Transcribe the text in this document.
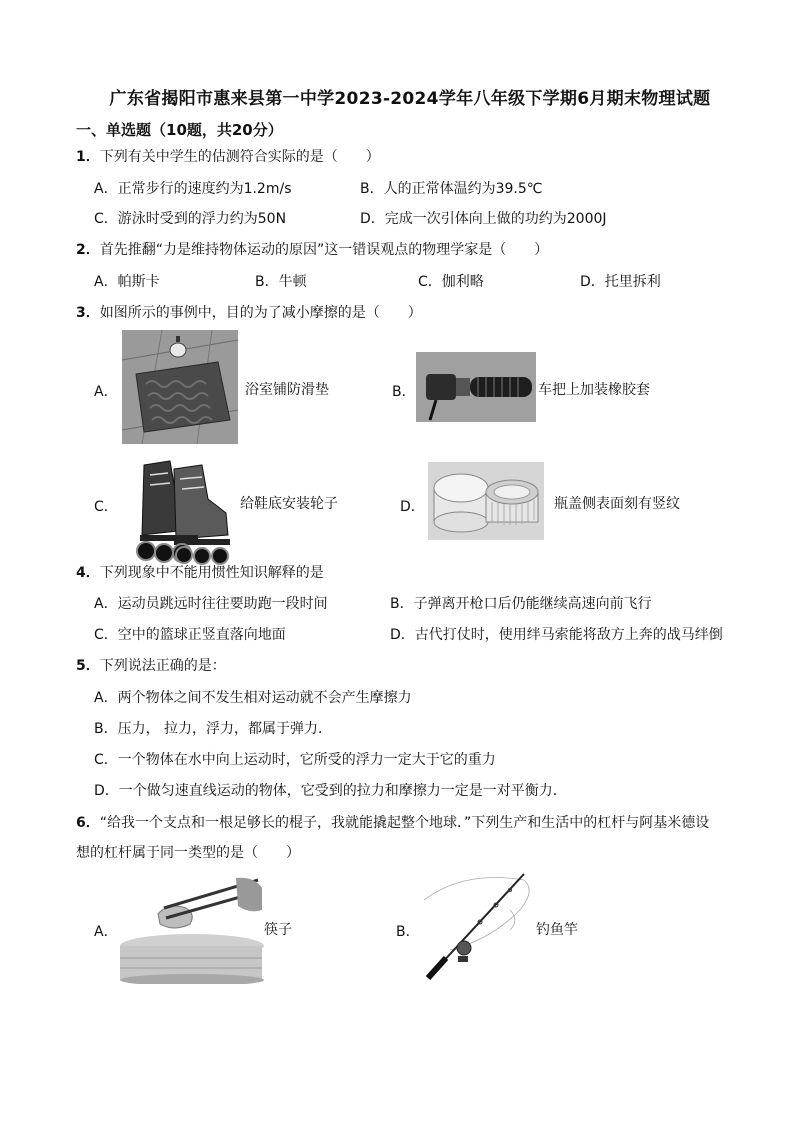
广东省揭阳市惠来县第一中学2023-2024学年八年级下学期6月期末物理试题
一、单选题（10题，共20分）
1．下列有关中学生的估测符合实际的是（　　）
A．正常步行的速度约为1.2m/s	B．人的正常体温约为39.5℃
C．游泳时受到的浮力约为50N	D．完成一次引体向上做的功约为2000J
2．首先推翻“力是维持物体运动的原因”这一错误观点的物理学家是（　　）
A．帕斯卡	B．牛顿	C．伽利略	D．托里拆利
3．如图所示的事例中，目的为了减小摩擦的是（　　）
A．	浴室铺防滑垫	B．	车把上加装橡胶套
C．	给鞋底安装轮子	D．	瓶盖侧表面刻有竖纹
4．下列现象中不能用惯性知识解释的是
A．运动员跳远时往往要助跑一段时间	B．子弹离开枪口后仍能继续高速向前飞行
C．空中的篮球正竖直落向地面	D．古代打仗时，使用绊马索能将敌方上奔的战马绊倒
5．下列说法正确的是：
A．两个物体之间不发生相对运动就不会产生摩擦力
B．压力， 拉力，浮力，都属于弹力．
C．一个物体在水中向上运动时，它所受的浮力一定大于它的重力
D．一个做匀速直线运动的物体，它受到的拉力和摩擦力一定是一对平衡力．
6．“给我一个支点和一根足够长的棍子，我就能撬起整个地球．”下列生产和生活中的杠杆与阿基米德设
想的杠杆属于同一类型的是（　　）
A．	筷子	B．	钓鱼竿
